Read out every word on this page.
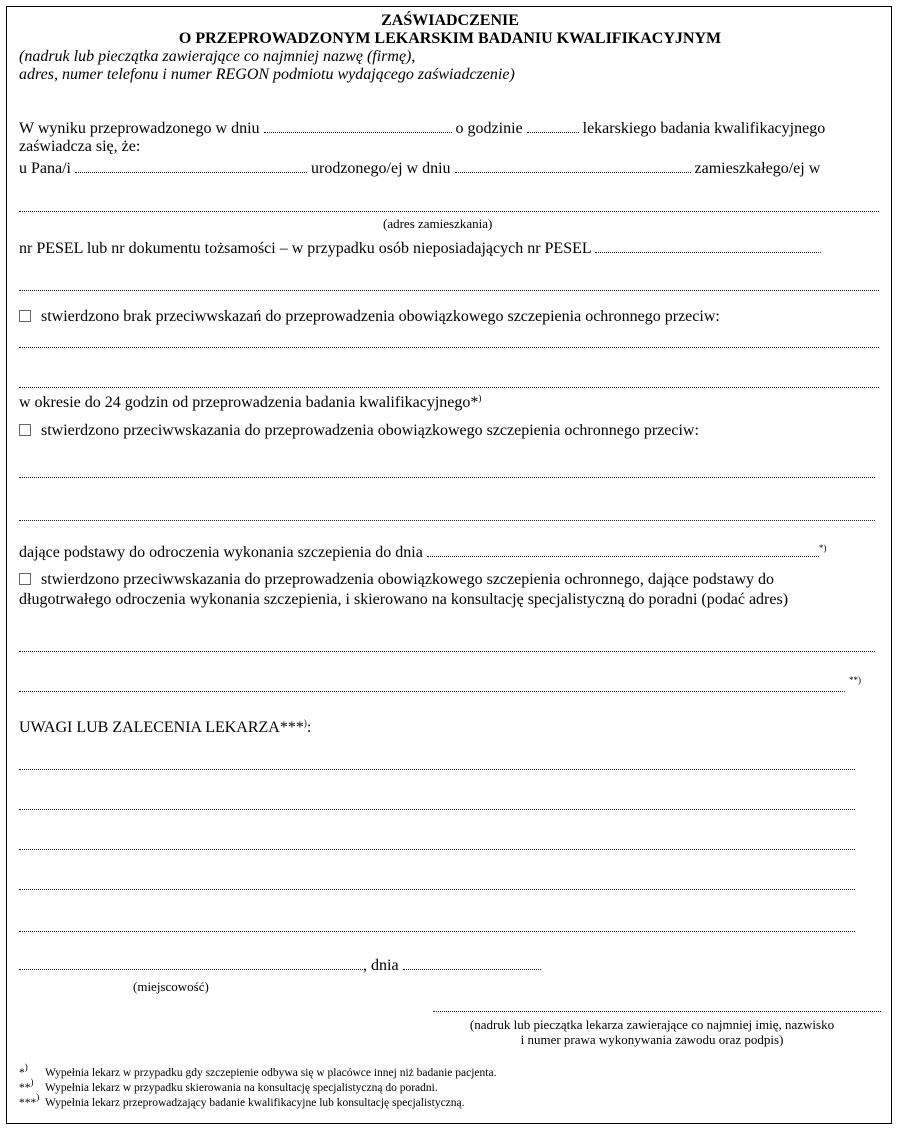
ZAŚWIADCZENIE
O PRZEPROWADZONYM LEKARSKIM BADANIU KWALIFIKACYJNYM
(nadruk lub pieczątka zawierające co najmniej nazwę (firmę),
adres, numer telefonu i numer REGON podmiotu wydającego zaświadczenie)
W wyniku przeprowadzonego w dniu	o godzinie	lekarskiego badania kwalifikacyjnego
zaświadcza się, że:
u Pana/i	urodzonego/ej w dniu	zamieszkałego/ej w
(adres zamieszkania)
nr PESEL lub nr dokumentu tożsamości – w przypadku osób nieposiadających nr PESEL
stwierdzono brak przeciwwskazań do przeprowadzenia obowiązkowego szczepienia ochronnego przeciw:
w okresie do 24 godzin od przeprowadzenia badania kwalifikacyjnego*)
stwierdzono przeciwwskazania do przeprowadzenia obowiązkowego szczepienia ochronnego przeciw:
dające podstawy do odroczenia wykonania szczepienia do dnia	*)
stwierdzono przeciwwskazania do przeprowadzenia obowiązkowego szczepienia ochronnego, dające podstawy do
długotrwałego odroczenia wykonania szczepienia, i skierowano na konsultację specjalistyczną do poradni (podać adres)
**)
UWAGI LUB ZALECENIA LEKARZA***):
, dnia
(miejscowość)
(nadruk lub pieczątka lekarza zawierające co najmniej imię, nazwisko
i numer prawa wykonywania zawodu oraz podpis)
*) Wypełnia lekarz w przypadku gdy szczepienie odbywa się w placówce innej niż badanie pacjenta.
**) Wypełnia lekarz w przypadku skierowania na konsultację specjalistyczną do poradni.
***) Wypełnia lekarz przeprowadzający badanie kwalifikacyjne lub konsultację specjalistyczną.
